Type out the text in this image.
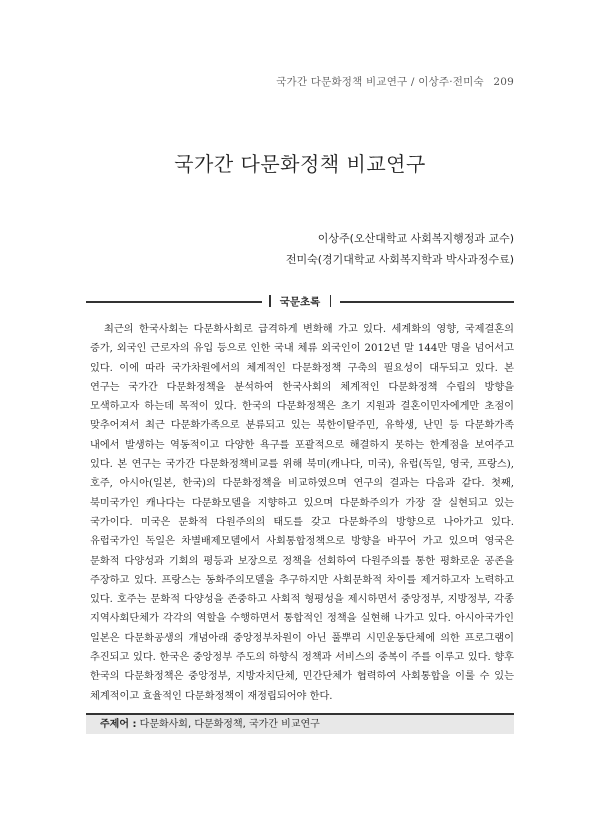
국가간 다문화정책 비교연구 / 이상주·전미숙 209
국가간 다문화정책 비교연구
이상주(오산대학교 사회복지행정과 교수)
전미숙(경기대학교 사회복지학과 박사과정수료)
국문초록

최근의 한국사회는 다문화사회로 급격하게 변화해 가고 있다. 세계화의 영향, 국제결혼의 증가, 외국인 근로자의 유입 등으로 인한 국내 체류 외국인이 2012년 말 144만 명을 넘어서고 있다. 이에 따라 국가차원에서의 체계적인 다문화정책 구축의 필요성이 대두되고 있다. 본 연구는 국가간 다문화정책을 분석하여 한국사회의 체계적인 다문화정책 수립의 방향을 모색하고자 하는데 목적이 있다. 한국의 다문화정책은 초기 지원과 결혼이민자에게만 초점이 맞추어져서 최근 다문화가족으로 분류되고 있는 북한이탈주민, 유학생, 난민 등 다문화가족 내에서 발생하는 역동적이고 다양한 욕구를 포괄적으로 해결하지 못하는 한계점을 보여주고 있다. 본 연구는 국가간 다문화정책비교를 위해 북미(캐나다, 미국), 유럽(독일, 영국, 프랑스), 호주, 아시아(일본, 한국)의 다문화정책을 비교하였으며 연구의 결과는 다음과 같다. 첫째, 북미국가인 캐나다는 다문화모델을 지향하고 있으며 다문화주의가 가장 잘 실현되고 있는 국가이다. 미국은 문화적 다원주의의 태도를 갖고 다문화주의 방향으로 나아가고 있다. 유럽국가인 독일은 차별배제모델에서 사회통합정책으로 방향을 바꾸어 가고 있으며 영국은 문화적 다양성과 기회의 평등과 보장으로 정책을 선회하여 다원주의를 통한 평화로운 공존을 주장하고 있다. 프랑스는 동화주의모델을 추구하지만 사회문화적 차이를 제거하고자 노력하고 있다. 호주는 문화적 다양성을 존중하고 사회적 형평성을 제시하면서 중앙정부, 지방정부, 각종 지역사회단체가 각각의 역할을 수행하면서 통합적인 정책을 실현해 나가고 있다. 아시아국가인 일본은 다문화공생의 개념아래 중앙정부차원이 아닌 풀뿌리 시민운동단체에 의한 프로그램이 추진되고 있다. 한국은 중앙정부 주도의 하향식 정책과 서비스의 중복이 주를 이루고 있다. 향후 한국의 다문화정책은 중앙정부, 지방자치단체, 민간단체가 협력하여 사회통합을 이룰 수 있는 체계적이고 효율적인 다문화정책이 재정립되어야 한다.

주제어 : 다문화사회, 다문화정책, 국가간 비교연구
